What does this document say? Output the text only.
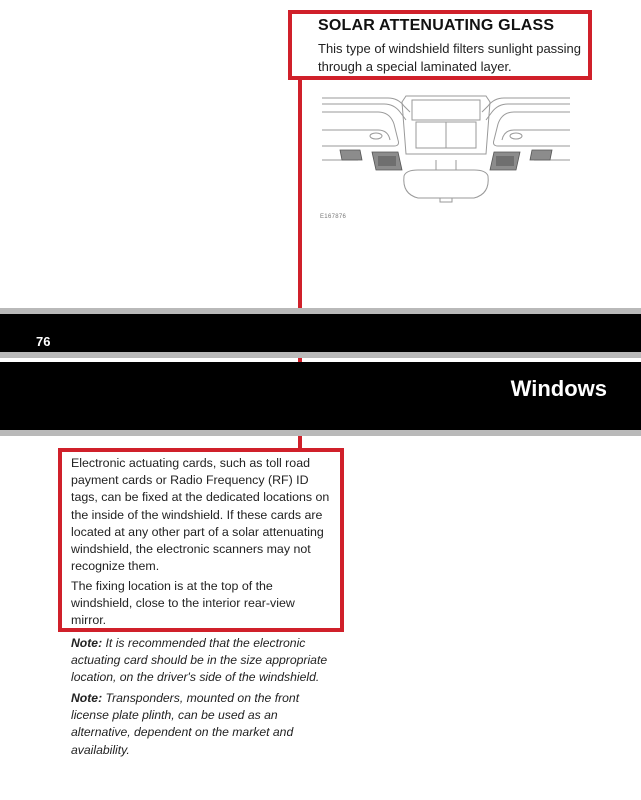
SOLAR ATTENUATING GLASS
This type of windshield filters sunlight passing through a special laminated layer.
E167876
76
Windows

Electronic actuating cards, such as toll road payment cards or Radio Frequency (RF) ID tags, can be fixed at the dedicated locations on the inside of the windshield. If these cards are located at any other part of a solar attenuating windshield, the electronic scanners may not recognize them.

The fixing location is at the top of the windshield, close to the interior rear-view mirror.

Note: It is recommended that the electronic actuating card should be in the size appropriate location, on the driver's side of the windshield.

Note: Transponders, mounted on the front license plate plinth, can be used as an alternative, dependent on the market and availability.
